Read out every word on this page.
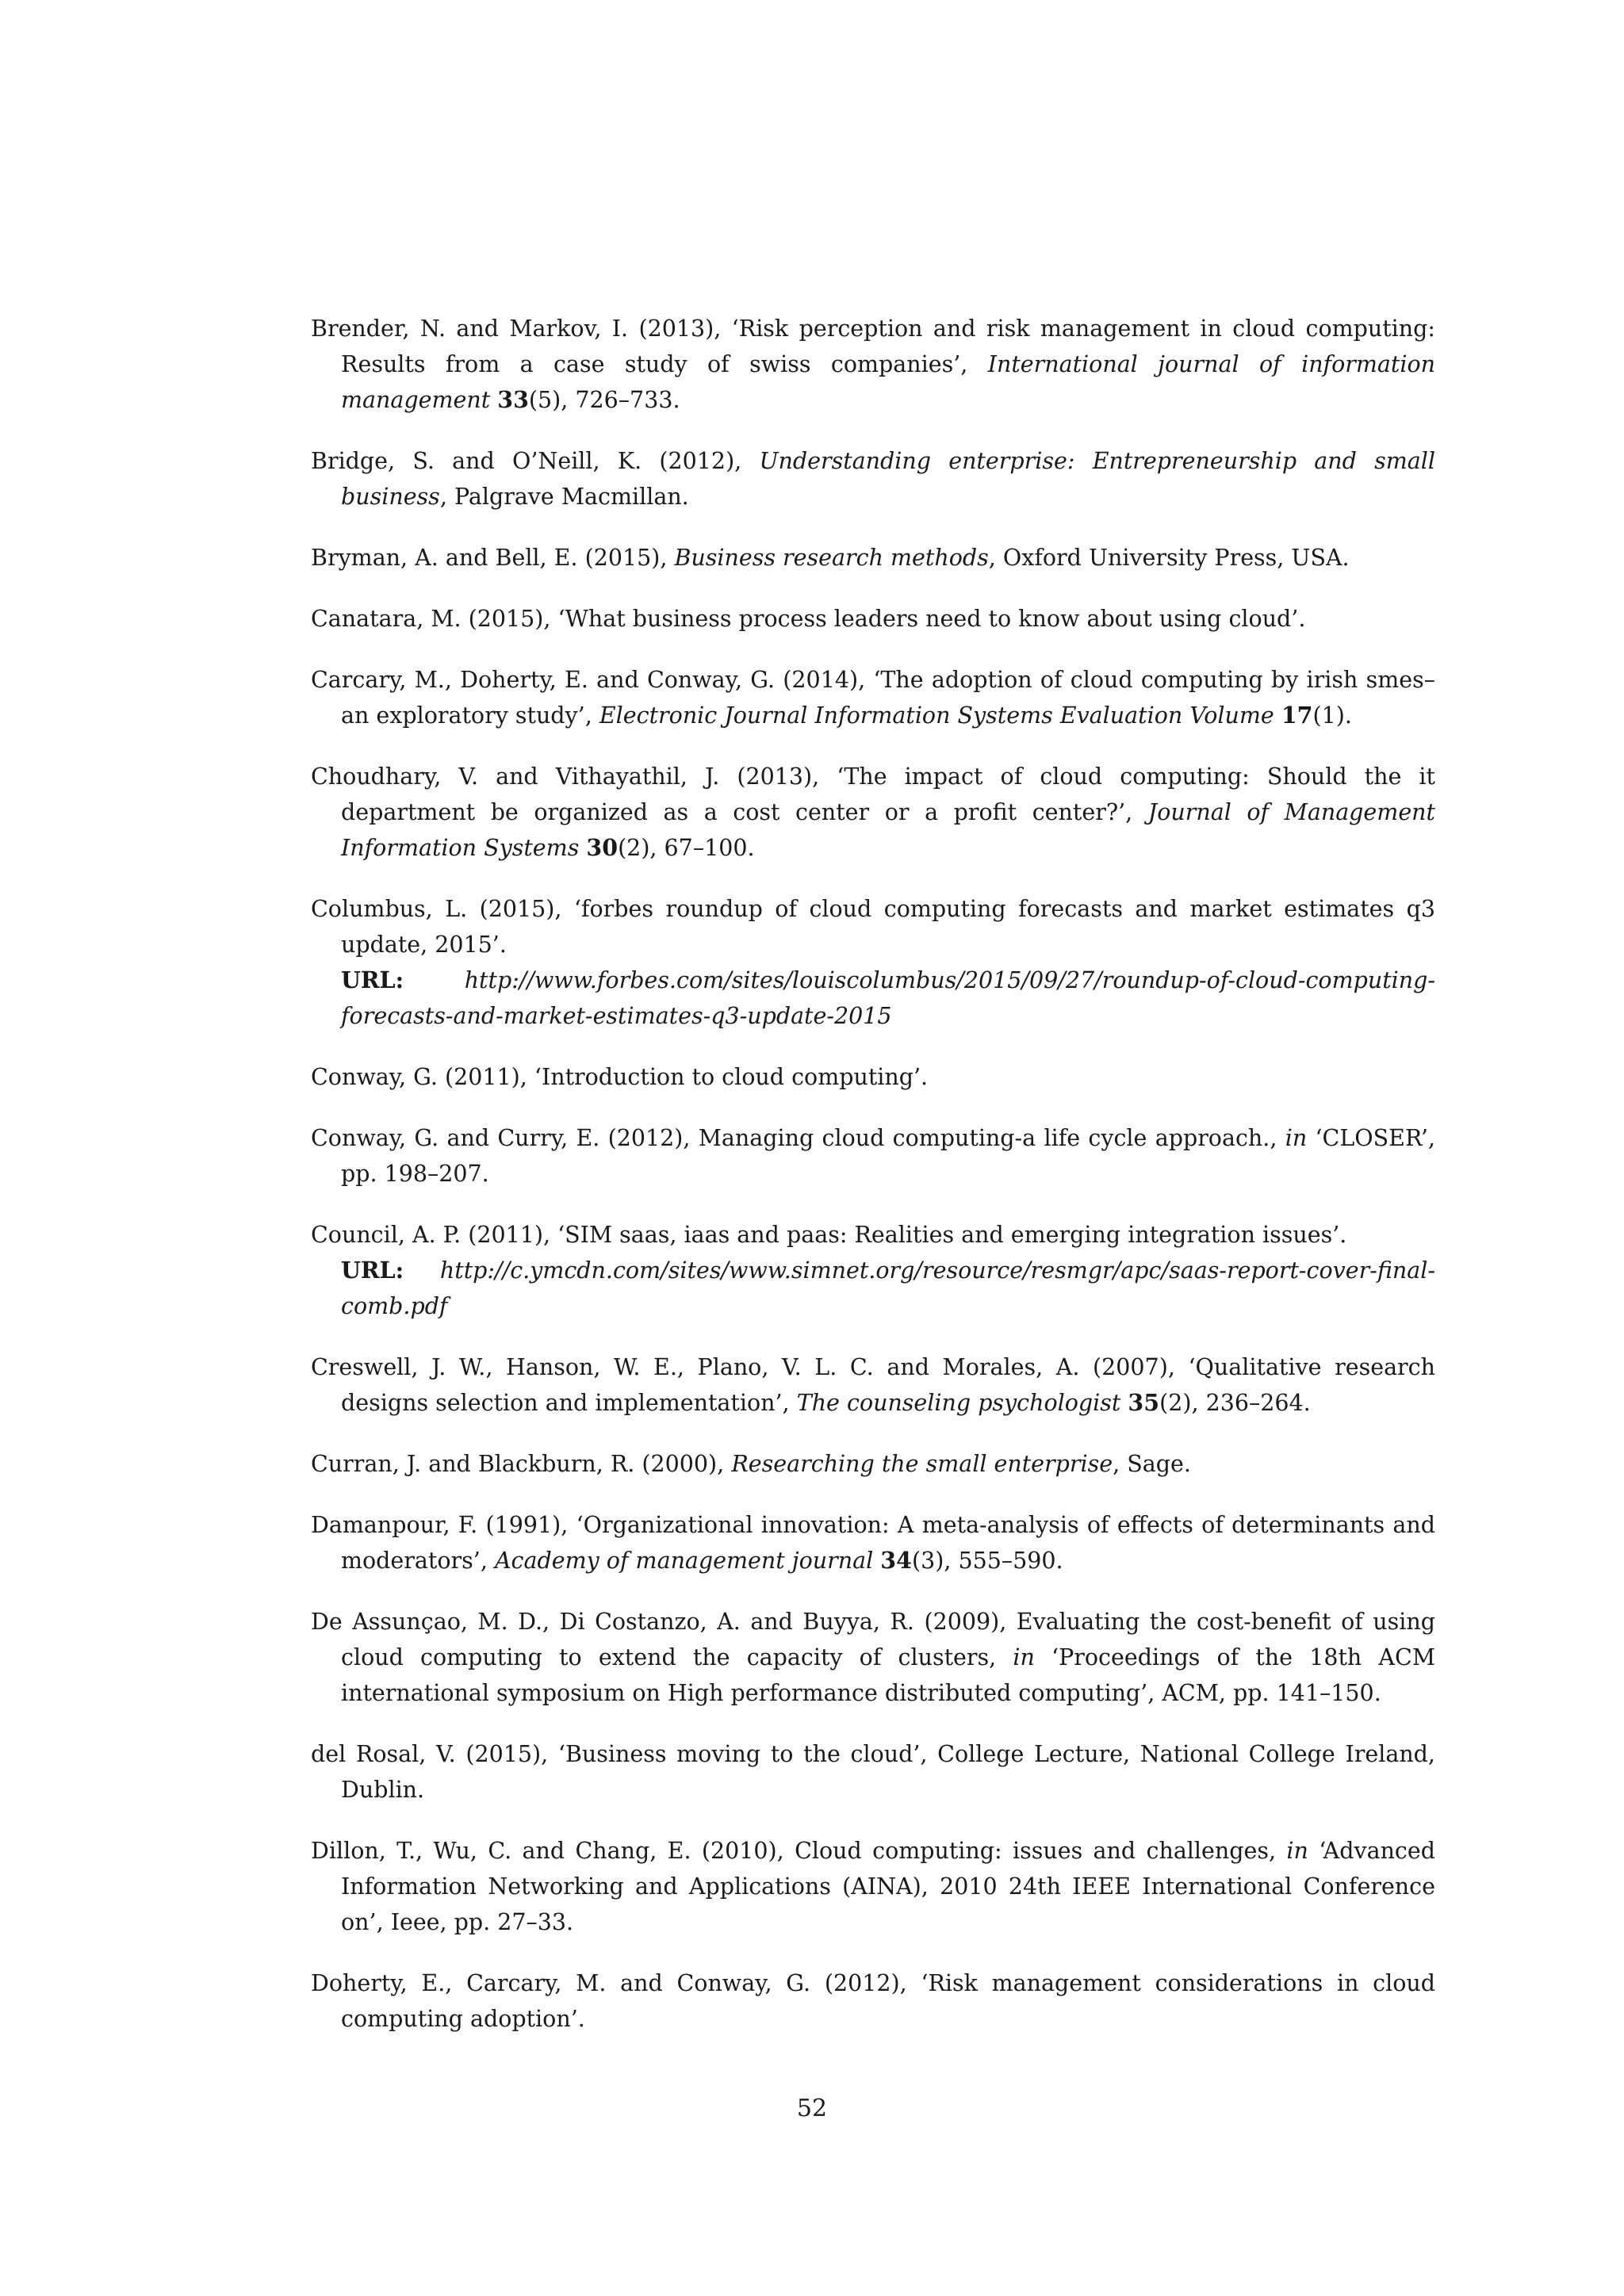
Brender, N. and Markov, I. (2013), ‘Risk perception and risk management in cloud computing: Results from a case study of swiss companies’, International journal of information management 33(5), 726–733.

Bridge, S. and O’Neill, K. (2012), Understanding enterprise: Entrepreneurship and small business, Palgrave Macmillan.

Bryman, A. and Bell, E. (2015), Business research methods, Oxford University Press, USA.

Canatara, M. (2015), ‘What business process leaders need to know about using cloud’.

Carcary, M., Doherty, E. and Conway, G. (2014), ‘The adoption of cloud computing by irish smes–an exploratory study’, Electronic Journal Information Systems Evaluation Volume 17(1).

Choudhary, V. and Vithayathil, J. (2013), ‘The impact of cloud computing: Should the it department be organized as a cost center or a profit center?’, Journal of Management Information Systems 30(2), 67–100.

Columbus, L. (2015), ‘forbes roundup of cloud computing forecasts and market estimates q3 update, 2015’.
URL:	http://www.forbes.com/sites/louiscolumbus/2015/09/27/roundup-of-cloud-computing-
forecasts-and-market-estimates-q3-update-2015

Conway, G. (2011), ‘Introduction to cloud computing’.

Conway, G. and Curry, E. (2012), Managing cloud computing-a life cycle approach., in ‘CLOSER’, pp. 198–207.

Council, A. P. (2011), ‘SIM saas, iaas and paas: Realities and emerging integration issues’.
URL: http://c.ymcdn.com/sites/www.simnet.org/resource/resmgr/apc/saas-report-cover-final-
comb.pdf

Creswell, J. W., Hanson, W. E., Plano, V. L. C. and Morales, A. (2007), ‘Qualitative research designs selection and implementation’, The counseling psychologist 35(2), 236–264.

Curran, J. and Blackburn, R. (2000), Researching the small enterprise, Sage.

Damanpour, F. (1991), ‘Organizational innovation: A meta-analysis of effects of determinants and moderators’, Academy of management journal 34(3), 555–590.

De Assunçao, M. D., Di Costanzo, A. and Buyya, R. (2009), Evaluating the cost-benefit of using cloud computing to extend the capacity of clusters, in ‘Proceedings of the 18th ACM international symposium on High performance distributed computing’, ACM, pp. 141–150.

del Rosal, V. (2015), ‘Business moving to the cloud’, College Lecture, National College Ireland, Dublin.

Dillon, T., Wu, C. and Chang, E. (2010), Cloud computing: issues and challenges, in ‘Advanced Information Networking and Applications (AINA), 2010 24th IEEE International Conference on’, Ieee, pp. 27–33.

Doherty, E., Carcary, M. and Conway, G. (2012), ‘Risk management considerations in cloud computing adoption’.

52
